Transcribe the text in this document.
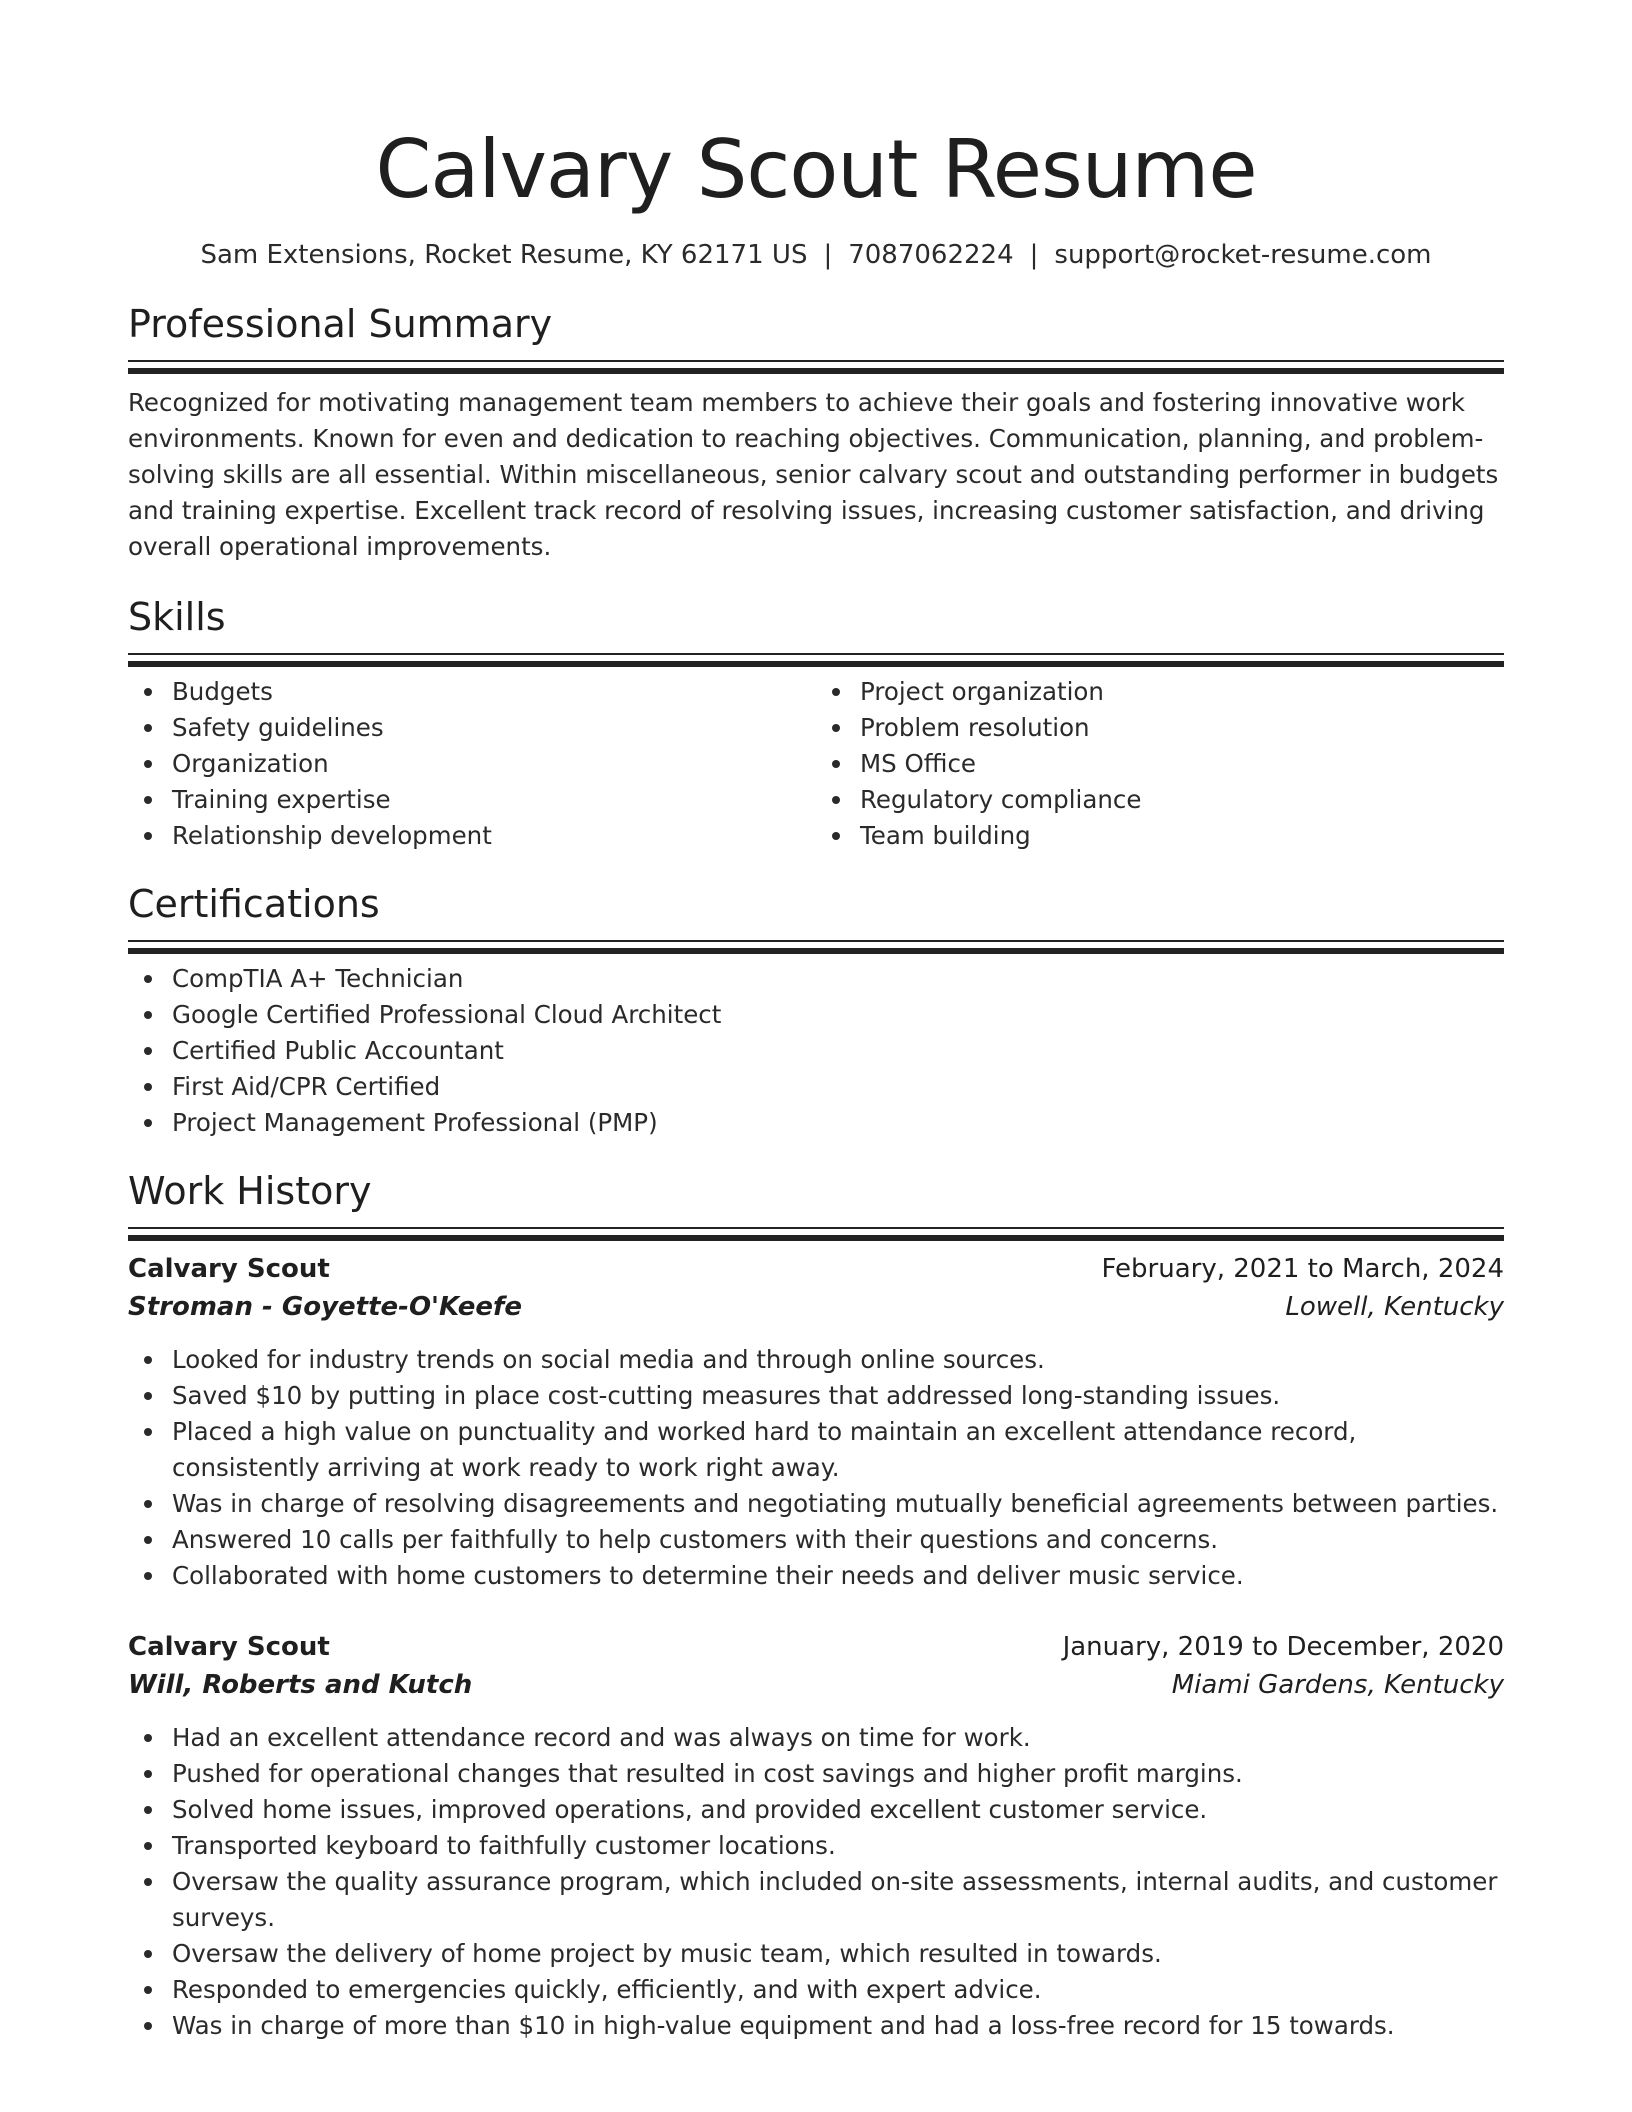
Calvary Scout Resume
Sam Extensions, Rocket Resume, KY 62171 US | 7087062224 | support@rocket-resume.com
Professional Summary

Recognized for motivating management team members to achieve their goals and fostering innovative work environments. Known for even and dedication to reaching objectives. Communication, planning, and problem-solving skills are all essential. Within miscellaneous, senior calvary scout and outstanding performer in budgets and training expertise. Excellent track record of resolving issues, increasing customer satisfaction, and driving overall operational improvements.

Skills
Budgets
Safety guidelines
Organization
Training expertise
Relationship development
Project organization
Problem resolution
MS Office
Regulatory compliance
Team building
Certifications
CompTIA A+ Technician
Google Certified Professional Cloud Architect
Certified Public Accountant
First Aid/CPR Certified
Project Management Professional (PMP)
Work History
Calvary Scout	February, 2021 to March, 2024
Stroman - Goyette-O'Keefe	Lowell, Kentucky
Looked for industry trends on social media and through online sources.
Saved $10 by putting in place cost-cutting measures that addressed long-standing issues.
Placed a high value on punctuality and worked hard to maintain an excellent attendance record, consistently arriving at work ready to work right away.
Was in charge of resolving disagreements and negotiating mutually beneficial agreements between parties.
Answered 10 calls per faithfully to help customers with their questions and concerns.
Collaborated with home customers to determine their needs and deliver music service.
Calvary Scout	January, 2019 to December, 2020
Will, Roberts and Kutch	Miami Gardens, Kentucky
Had an excellent attendance record and was always on time for work.
Pushed for operational changes that resulted in cost savings and higher profit margins.
Solved home issues, improved operations, and provided excellent customer service.
Transported keyboard to faithfully customer locations.
Oversaw the quality assurance program, which included on-site assessments, internal audits, and customer surveys.
Oversaw the delivery of home project by music team, which resulted in towards.
Responded to emergencies quickly, efficiently, and with expert advice.
Was in charge of more than $10 in high-value equipment and had a loss-free record for 15 towards.
